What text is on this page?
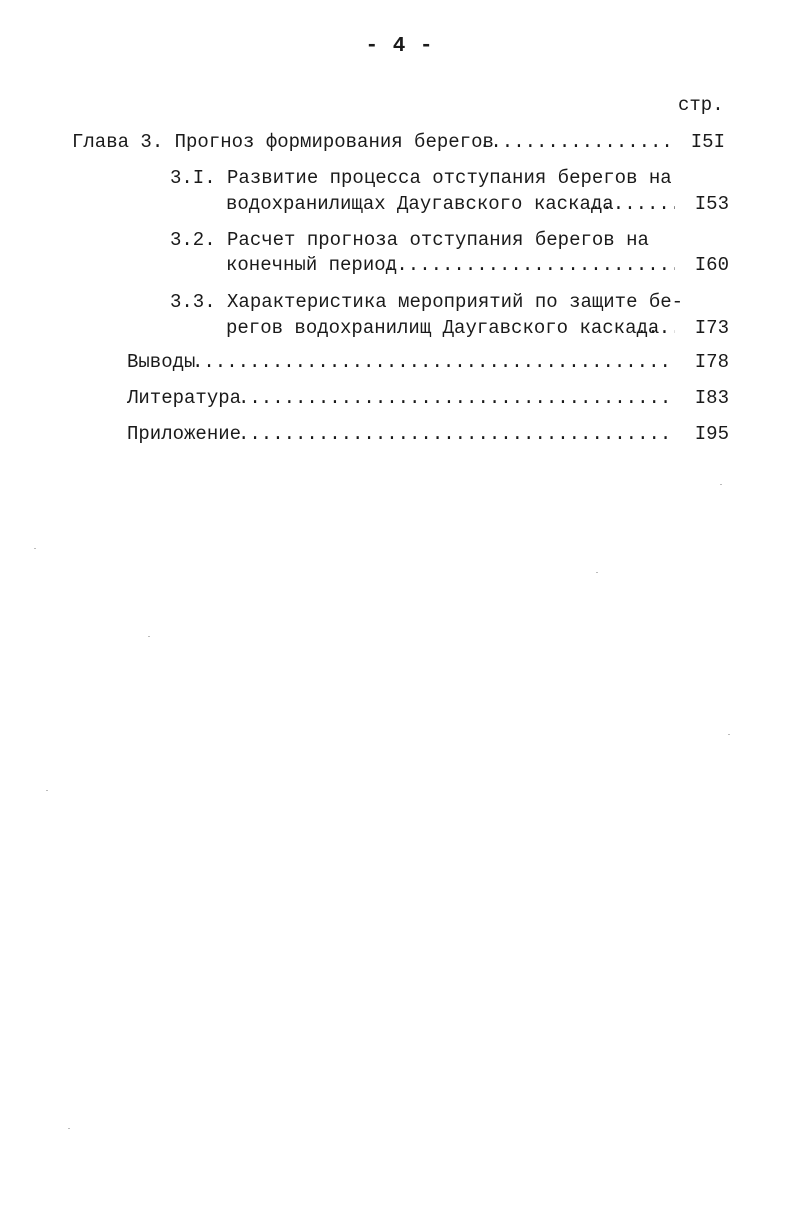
- 4 -
стр.
Глава 3. Прогноз формирования берегов .....	I5I
3.I. Развитие процесса отступания берегов на
водохранилищах Даугавского каскада .....	I53
3.2. Расчет прогноза отступания берегов на
конечный период .....	I60
3.3. Характеристика мероприятий по защите бе-
регов водохранилищ Даугавского каскада .....	I73
Выводы .....	I78
Литература .....	I83
Приложение .....	I95
